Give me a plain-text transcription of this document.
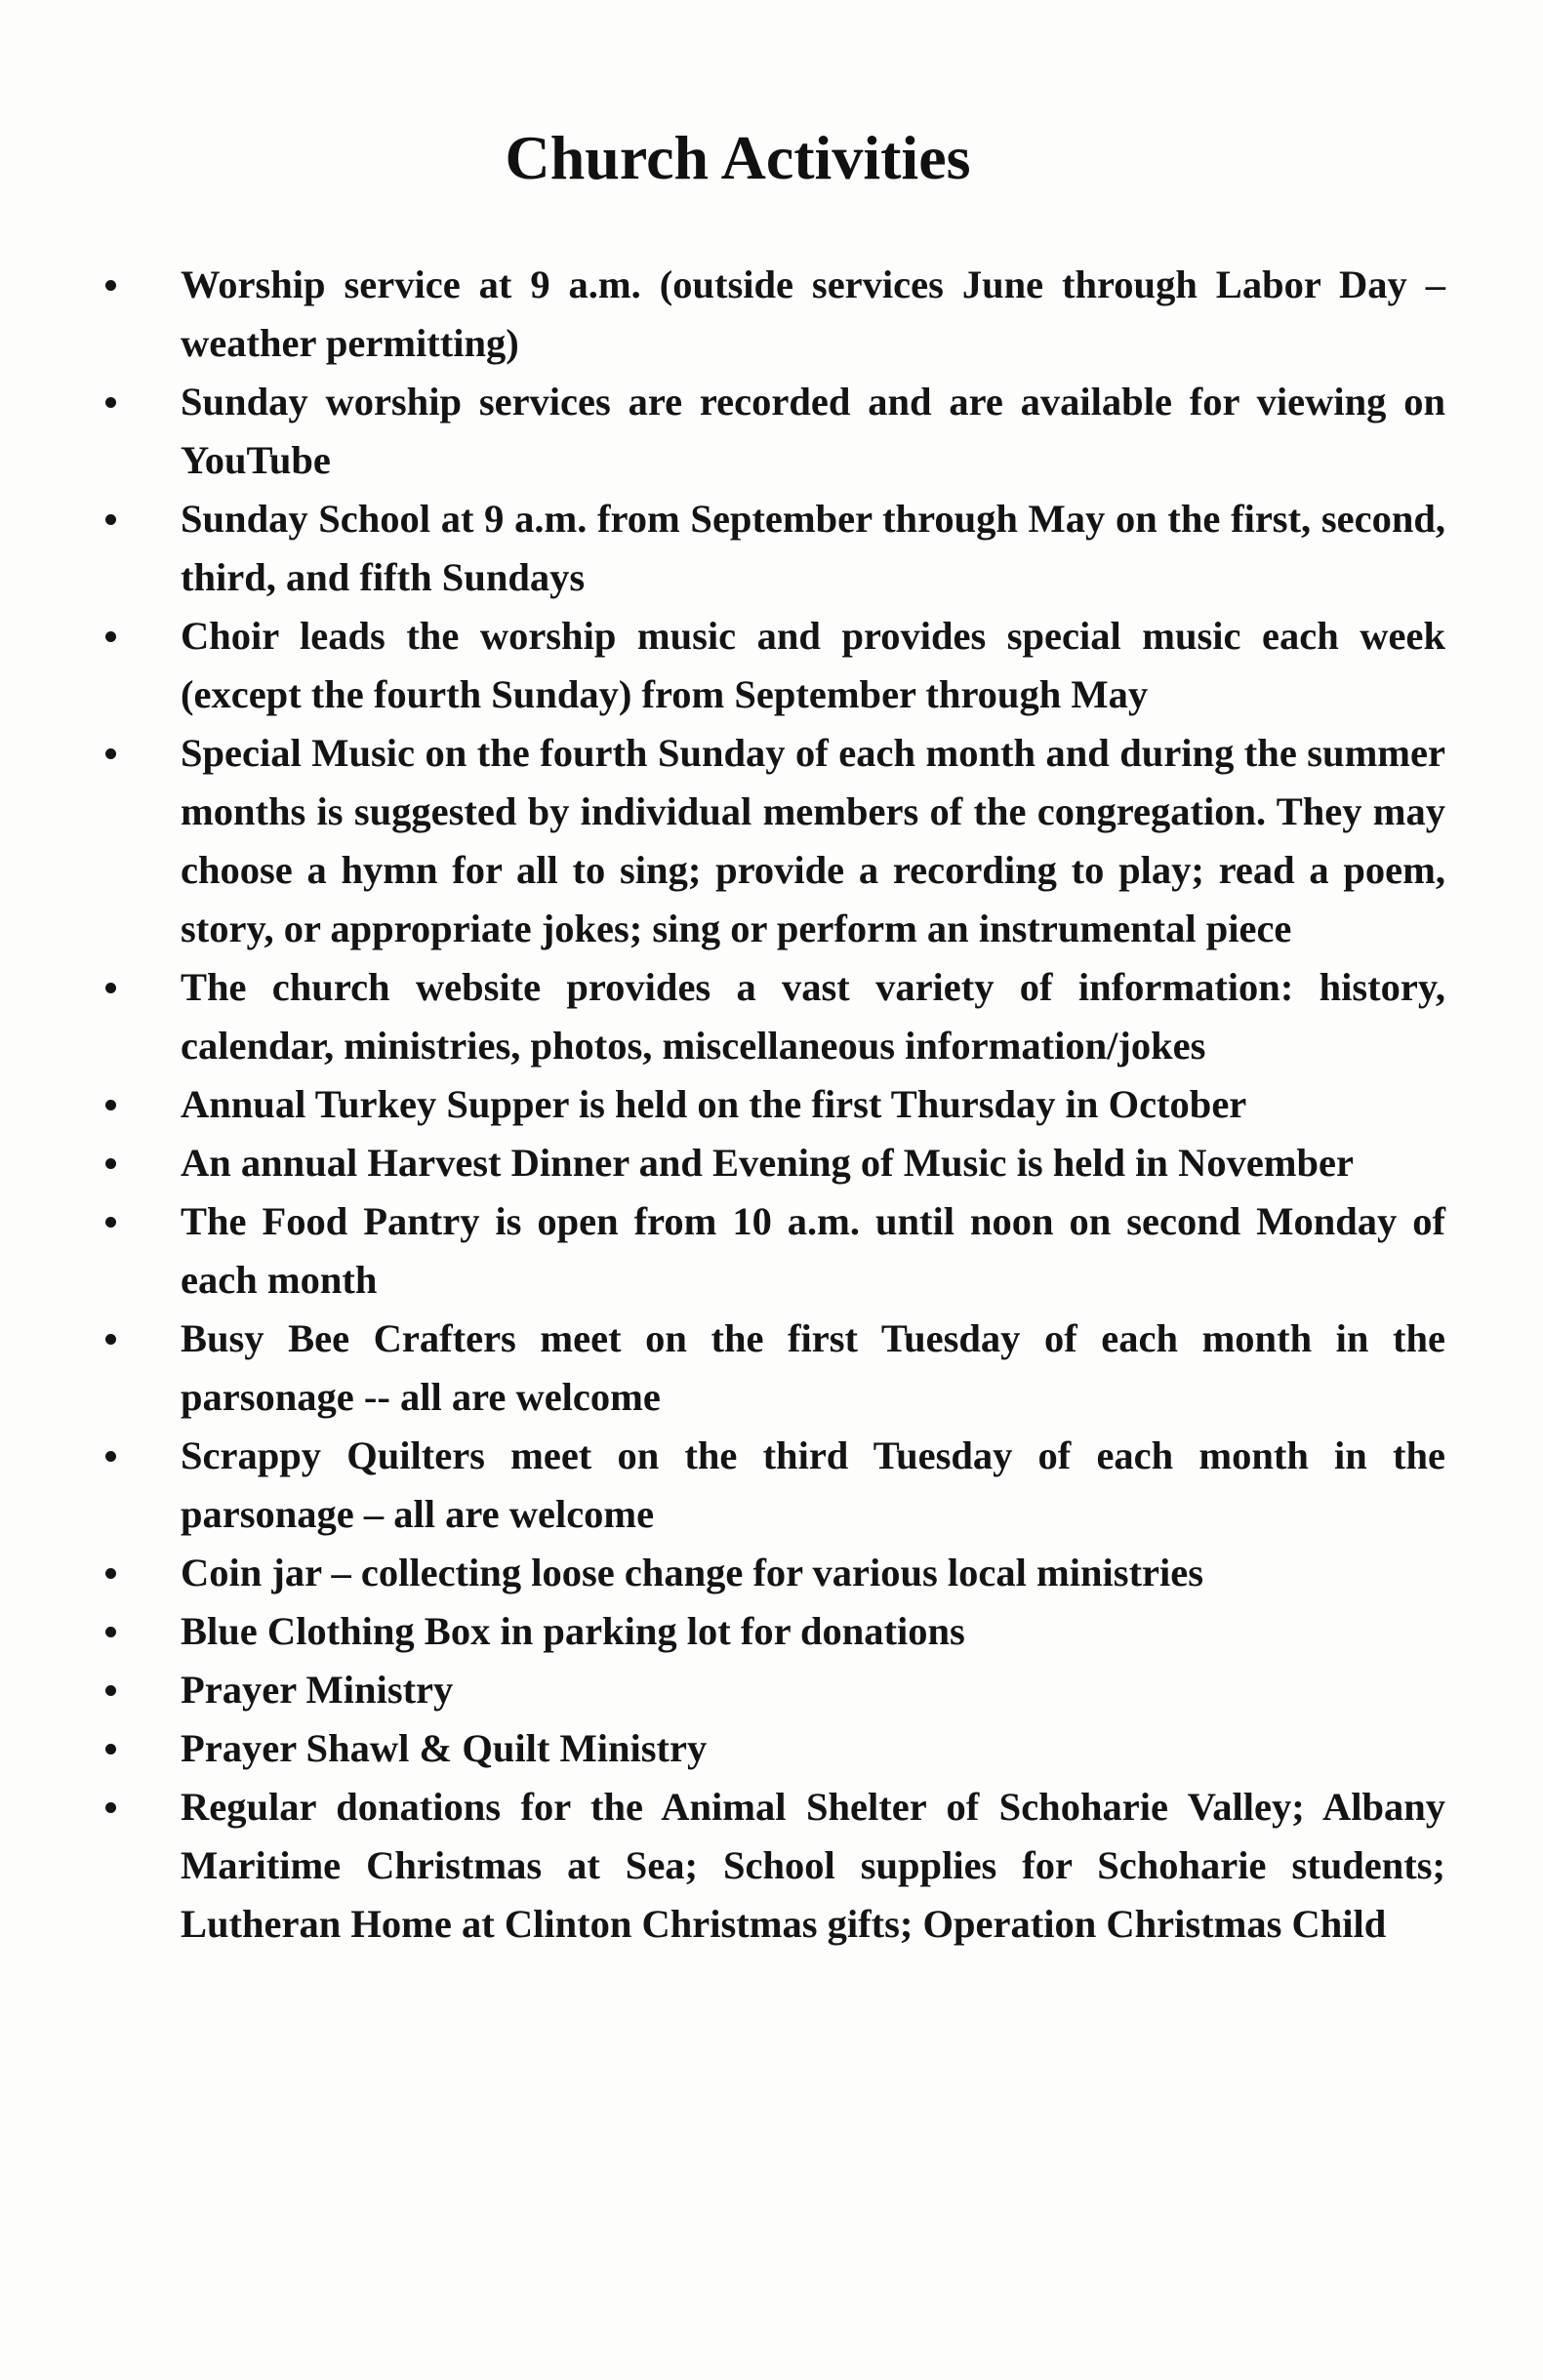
Church Activities
Worship service at 9 a.m. (outside services June through Labor Day – weather permitting)
Sunday worship services are recorded and are available for viewing on YouTube
Sunday School at 9 a.m. from September through May on the first, second, third, and fifth Sundays
Choir leads the worship music and provides special music each week (except the fourth Sunday) from September through May
Special Music on the fourth Sunday of each month and during the summer months is suggested by individual members of the congregation. They may choose a hymn for all to sing; provide a recording to play; read a poem, story, or appropriate jokes; sing or perform an instrumental piece
The church website provides a vast variety of information: history, calendar, ministries, photos, miscellaneous information/jokes
Annual Turkey Supper is held on the first Thursday in October
An annual Harvest Dinner and Evening of Music is held in November
The Food Pantry is open from 10 a.m. until noon on second Monday of each month
Busy Bee Crafters meet on the first Tuesday of each month in the parsonage -- all are welcome
Scrappy Quilters meet on the third Tuesday of each month in the parsonage – all are welcome
Coin jar – collecting loose change for various local ministries
Blue Clothing Box in parking lot for donations
Prayer Ministry
Prayer Shawl & Quilt Ministry
Regular donations for the Animal Shelter of Schoharie Valley; Albany Maritime Christmas at Sea; School supplies for Schoharie students; Lutheran Home at Clinton Christmas gifts; Operation Christmas Child
